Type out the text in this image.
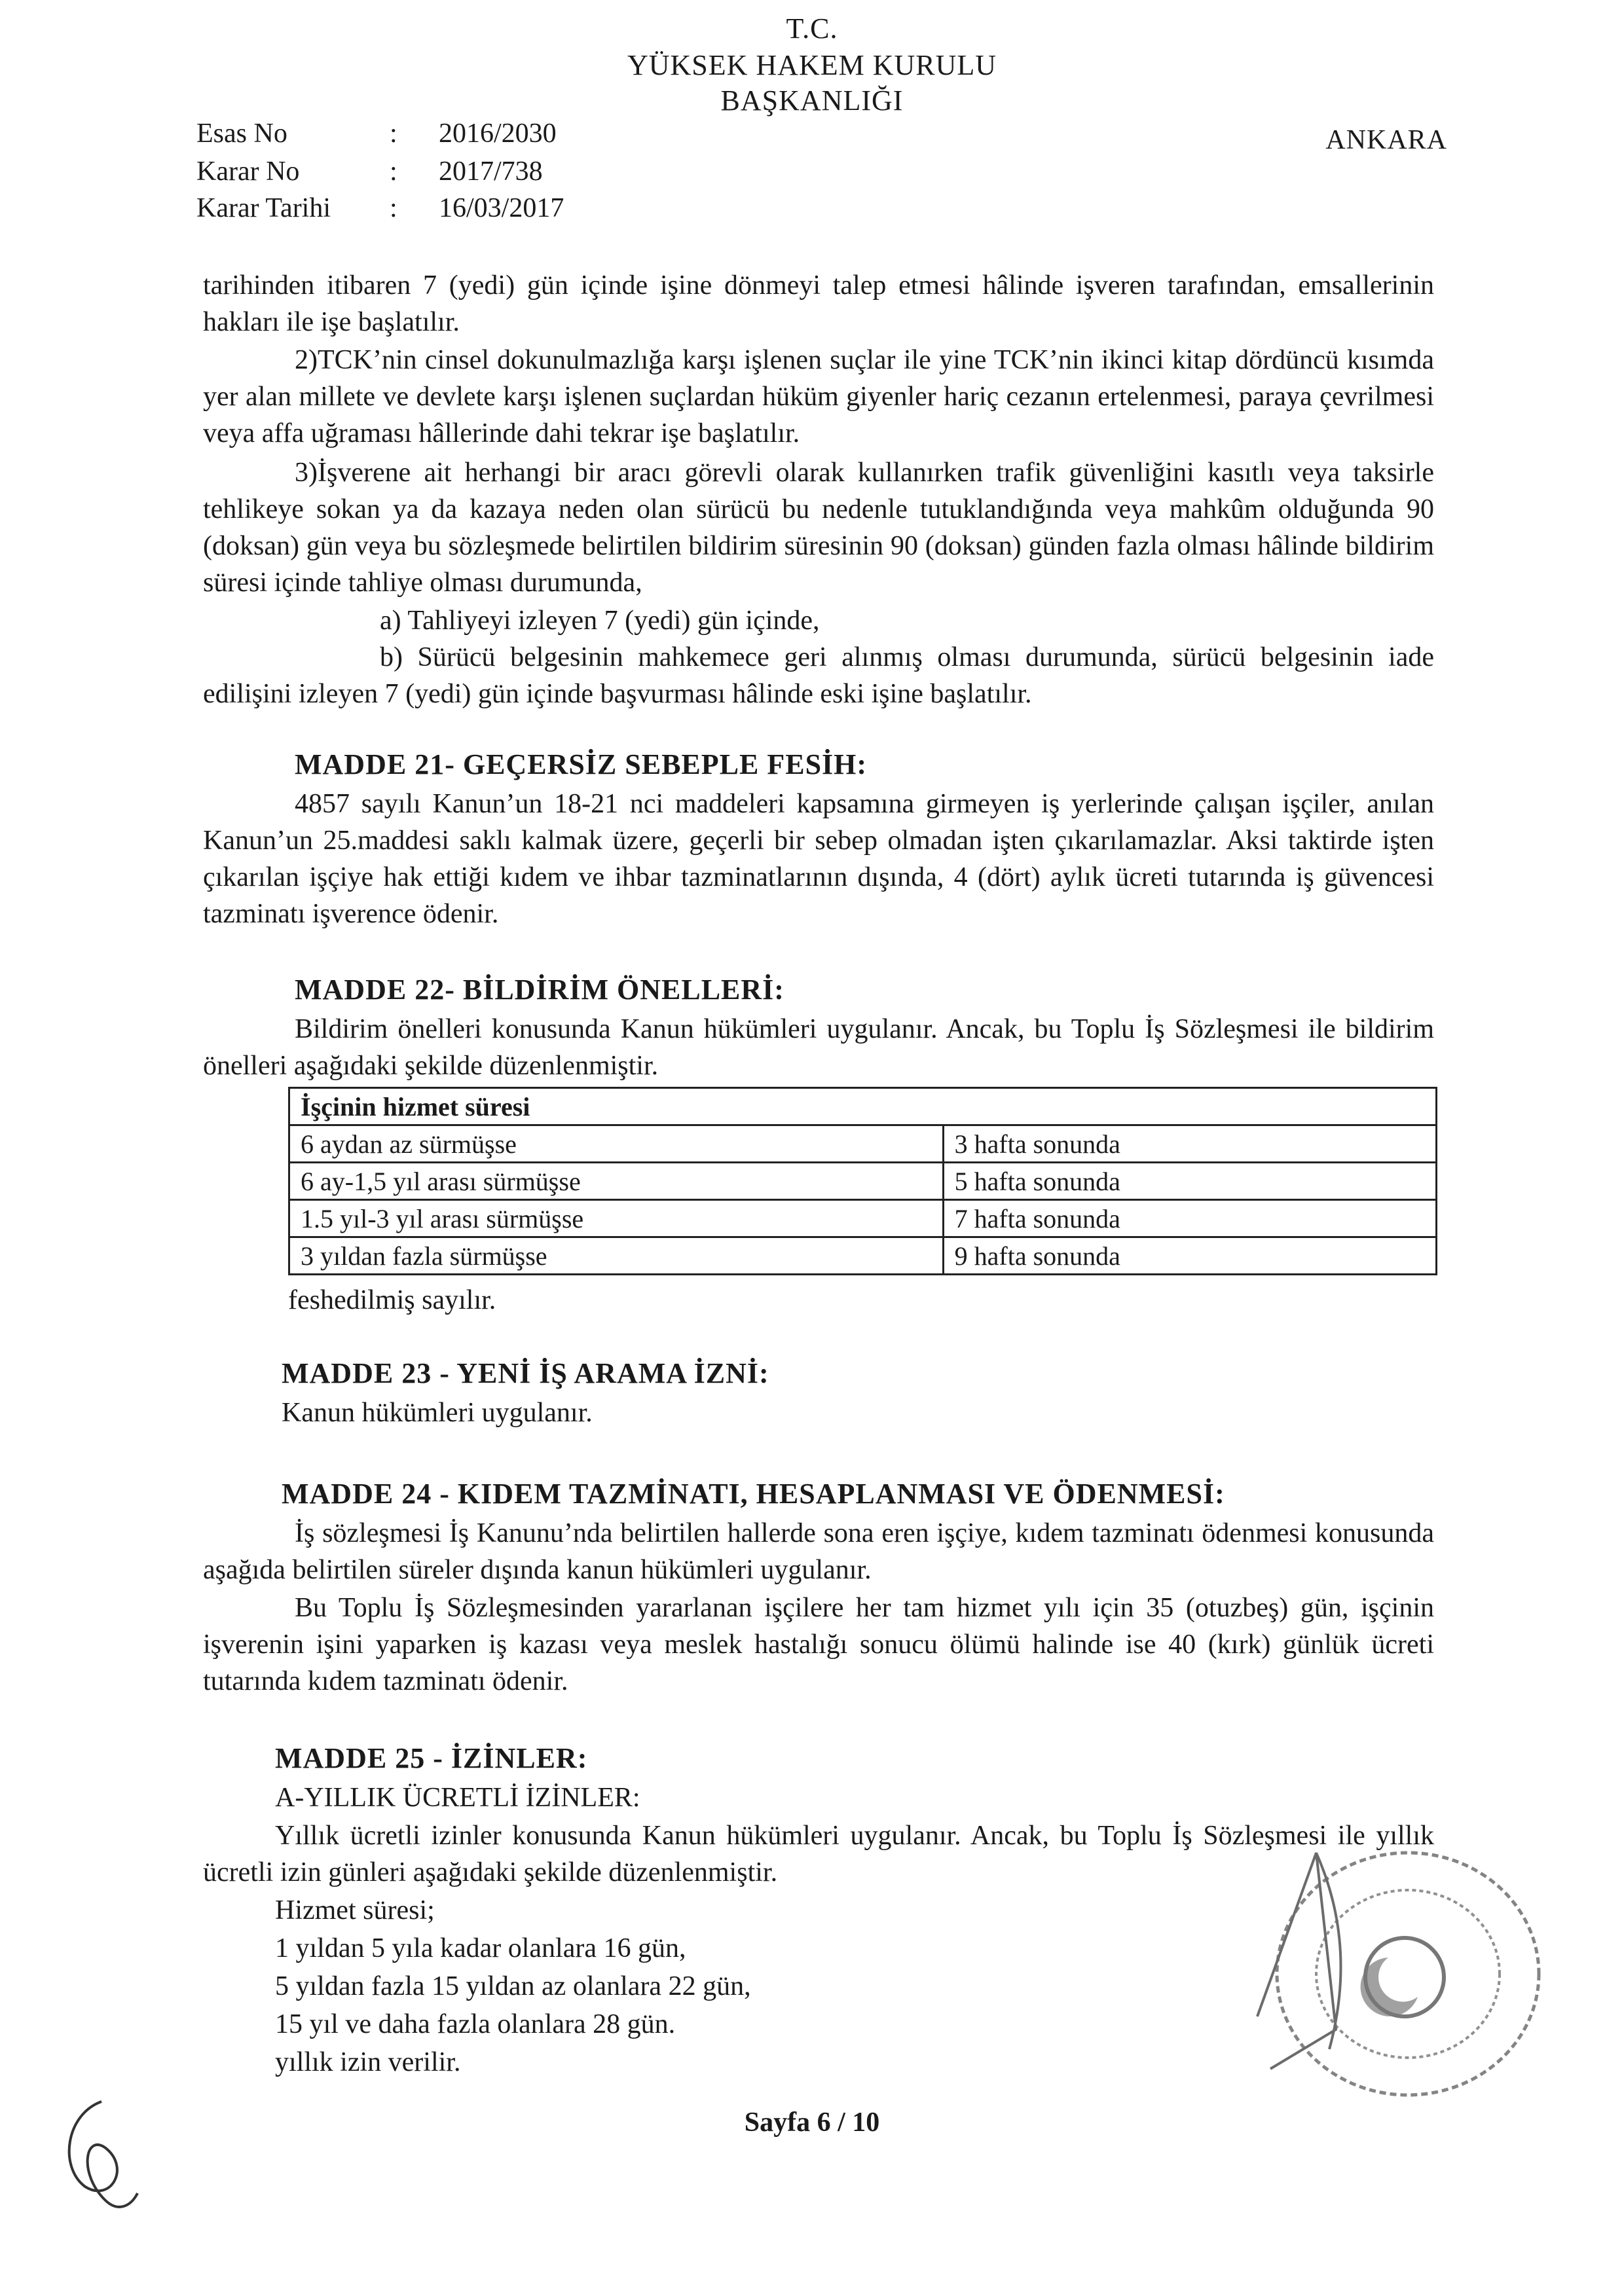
T.C.
YÜKSEK HAKEM KURULU
BAŞKANLIĞI
ANKARA
Esas No	: 2016/2030
Karar No	: 2017/738
Karar Tarihi : 16/03/2017

tarihinden itibaren 7 (yedi) gün içinde işine dönmeyi talep etmesi hâlinde işveren tarafından, emsallerinin hakları ile işe başlatılır.

2)TCK’nin cinsel dokunulmazlığa karşı işlenen suçlar ile yine TCK’nin ikinci kitap dördüncü kısımda yer alan millete ve devlete karşı işlenen suçlardan hüküm giyenler hariç cezanın ertelenmesi, paraya çevrilmesi veya affa uğraması hâllerinde dahi tekrar işe başlatılır.

3)İşverene ait herhangi bir aracı görevli olarak kullanırken trafik güvenliğini kasıtlı veya taksirle tehlikeye sokan ya da kazaya neden olan sürücü bu nedenle tutuklandığında veya mahkûm olduğunda 90 (doksan) gün veya bu sözleşmede belirtilen bildirim süresinin 90 (doksan) günden fazla olması hâlinde bildirim süresi içinde tahliye olması durumunda,

a) Tahliyeyi izleyen 7 (yedi) gün içinde,

b) Sürücü belgesinin mahkemece geri alınmış olması durumunda, sürücü belgesinin iade edilişini izleyen 7 (yedi) gün içinde başvurması hâlinde eski işine başlatılır.

MADDE 21- GEÇERSİZ SEBEPLE FESİH:

4857 sayılı Kanun’un 18-21 nci maddeleri kapsamına girmeyen iş yerlerinde çalışan işçiler, anılan Kanun’un 25.maddesi saklı kalmak üzere, geçerli bir sebep olmadan işten çıkarılamazlar. Aksi taktirde işten çıkarılan işçiye hak ettiği kıdem ve ihbar tazminatlarının dışında, 4 (dört) aylık ücreti tutarında iş güvencesi tazminatı işverence ödenir.

MADDE 22- BİLDİRİM ÖNELLERİ:

Bildirim önelleri konusunda Kanun hükümleri uygulanır. Ancak, bu Toplu İş Sözleşmesi ile bildirim önelleri aşağıdaki şekilde düzenlenmiştir.

İşçinin hizmet süresi	
6 aydan az sürmüşse	3 hafta sonunda
6 ay-1,5 yıl arası sürmüşse	5 hafta sonunda
1.5 yıl-3 yıl arası sürmüşse	7 hafta sonunda
3 yıldan fazla sürmüşse	9 hafta sonunda
feshedilmiş sayılır.
MADDE 23 - YENİ İŞ ARAMA İZNİ:
Kanun hükümleri uygulanır.
MADDE 24 - KIDEM TAZMİNATI, HESAPLANMASI VE ÖDENMESİ:

İş sözleşmesi İş Kanunu’nda belirtilen hallerde sona eren işçiye, kıdem tazminatı ödenmesi konusunda aşağıda belirtilen süreler dışında kanun hükümleri uygulanır.

Bu Toplu İş Sözleşmesinden yararlanan işçilere her tam hizmet yılı için 35 (otuzbeş) gün, işçinin işverenin işini yaparken iş kazası veya meslek hastalığı sonucu ölümü halinde ise 40 (kırk) günlük ücreti tutarında kıdem tazminatı ödenir.

MADDE 25 - İZİNLER:
A-YILLIK ÜCRETLİ İZİNLER:

Yıllık ücretli izinler konusunda Kanun hükümleri uygulanır. Ancak, bu Toplu İş Sözleşmesi ile yıllık ücretli izin günleri aşağıdaki şekilde düzenlenmiştir.

Hizmet süresi;
1 yıldan 5 yıla kadar olanlara 16 gün,
5 yıldan fazla 15 yıldan az olanlara 22 gün,
15 yıl ve daha fazla olanlara 28 gün.
yıllık izin verilir.
Sayfa 6 / 10
